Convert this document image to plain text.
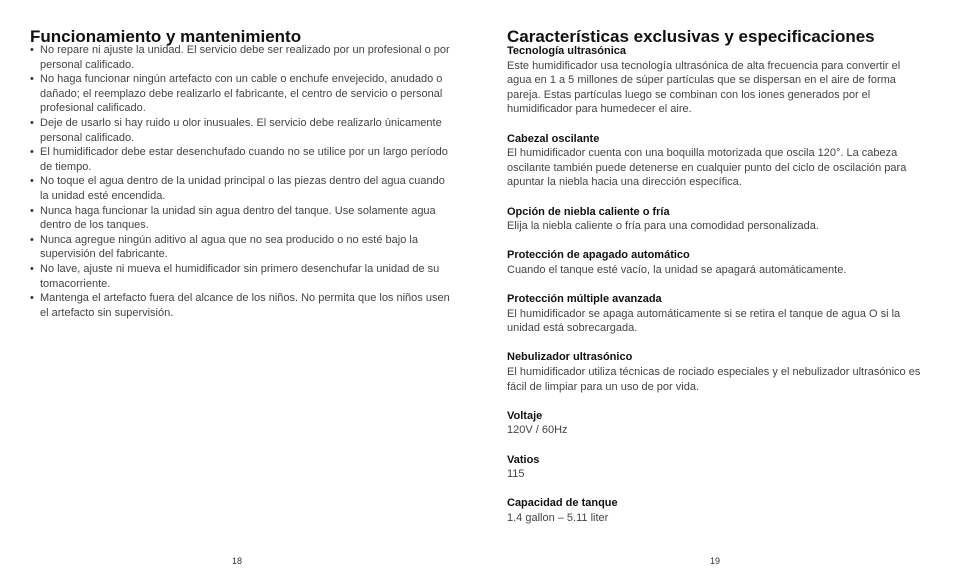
Funcionamiento y mantenimiento
• No repare ni ajuste la unidad. El servicio debe ser realizado por un profesional o por personal calificado.
• No haga funcionar ningún artefacto con un cable o enchufe envejecido, anudado o dañado; el reemplazo debe realizarlo el fabricante, el centro de servicio o personal profesional calificado.
• Deje de usarlo si hay ruido u olor inusuales. El servicio debe realizarlo únicamente personal calificado.
• El humidificador debe estar desenchufado cuando no se utilice por un largo período de tiempo.
• No toque el agua dentro de la unidad principal o las piezas dentro del agua cuando la unidad esté encendida.
• Nunca haga funcionar la unidad sin agua dentro del tanque. Use solamente agua dentro de los tanques.
• Nunca agregue ningún aditivo al agua que no sea producido o no esté bajo la supervisión del fabricante.
• No lave, ajuste ni mueva el humidificador sin primero desenchufar la unidad de su tomacorriente.
• Mantenga el artefacto fuera del alcance de los niños. No permita que los niños usen el artefacto sin supervisión.
18
Características exclusivas y especificaciones
Tecnología ultrasónica

Este humidificador usa tecnología ultrasónica de alta frecuencia para convertir el agua en 1 a 5 millones de súper partículas que se dispersan en el aire de forma pareja. Estas partículas luego se combinan con los iones generados por el humidificador para humedecer el aire.

Cabezal oscilante

El humidificador cuenta con una boquilla motorizada que oscila 120°. La cabeza oscilante también puede detenerse en cualquier punto del ciclo de oscilación para apuntar la niebla hacia una dirección específica.

Opción de niebla caliente o fría

Elija la niebla caliente o fría para una comodidad personalizada.

Protección de apagado automático

Cuando el tanque esté vacío, la unidad se apagará automáticamente.

Protección múltiple avanzada

El humidificador se apaga automáticamente si se retira el tanque de agua O si la unidad está sobrecargada.

Nebulizador ultrasónico

El humidificador utiliza técnicas de rociado especiales y el nebulizador ultrasónico es fácil de limpiar para un uso de por vida.

Voltaje

120V / 60Hz

Vatios

115

Capacidad de tanque

1.4 gallon – 5.11 liter

19
